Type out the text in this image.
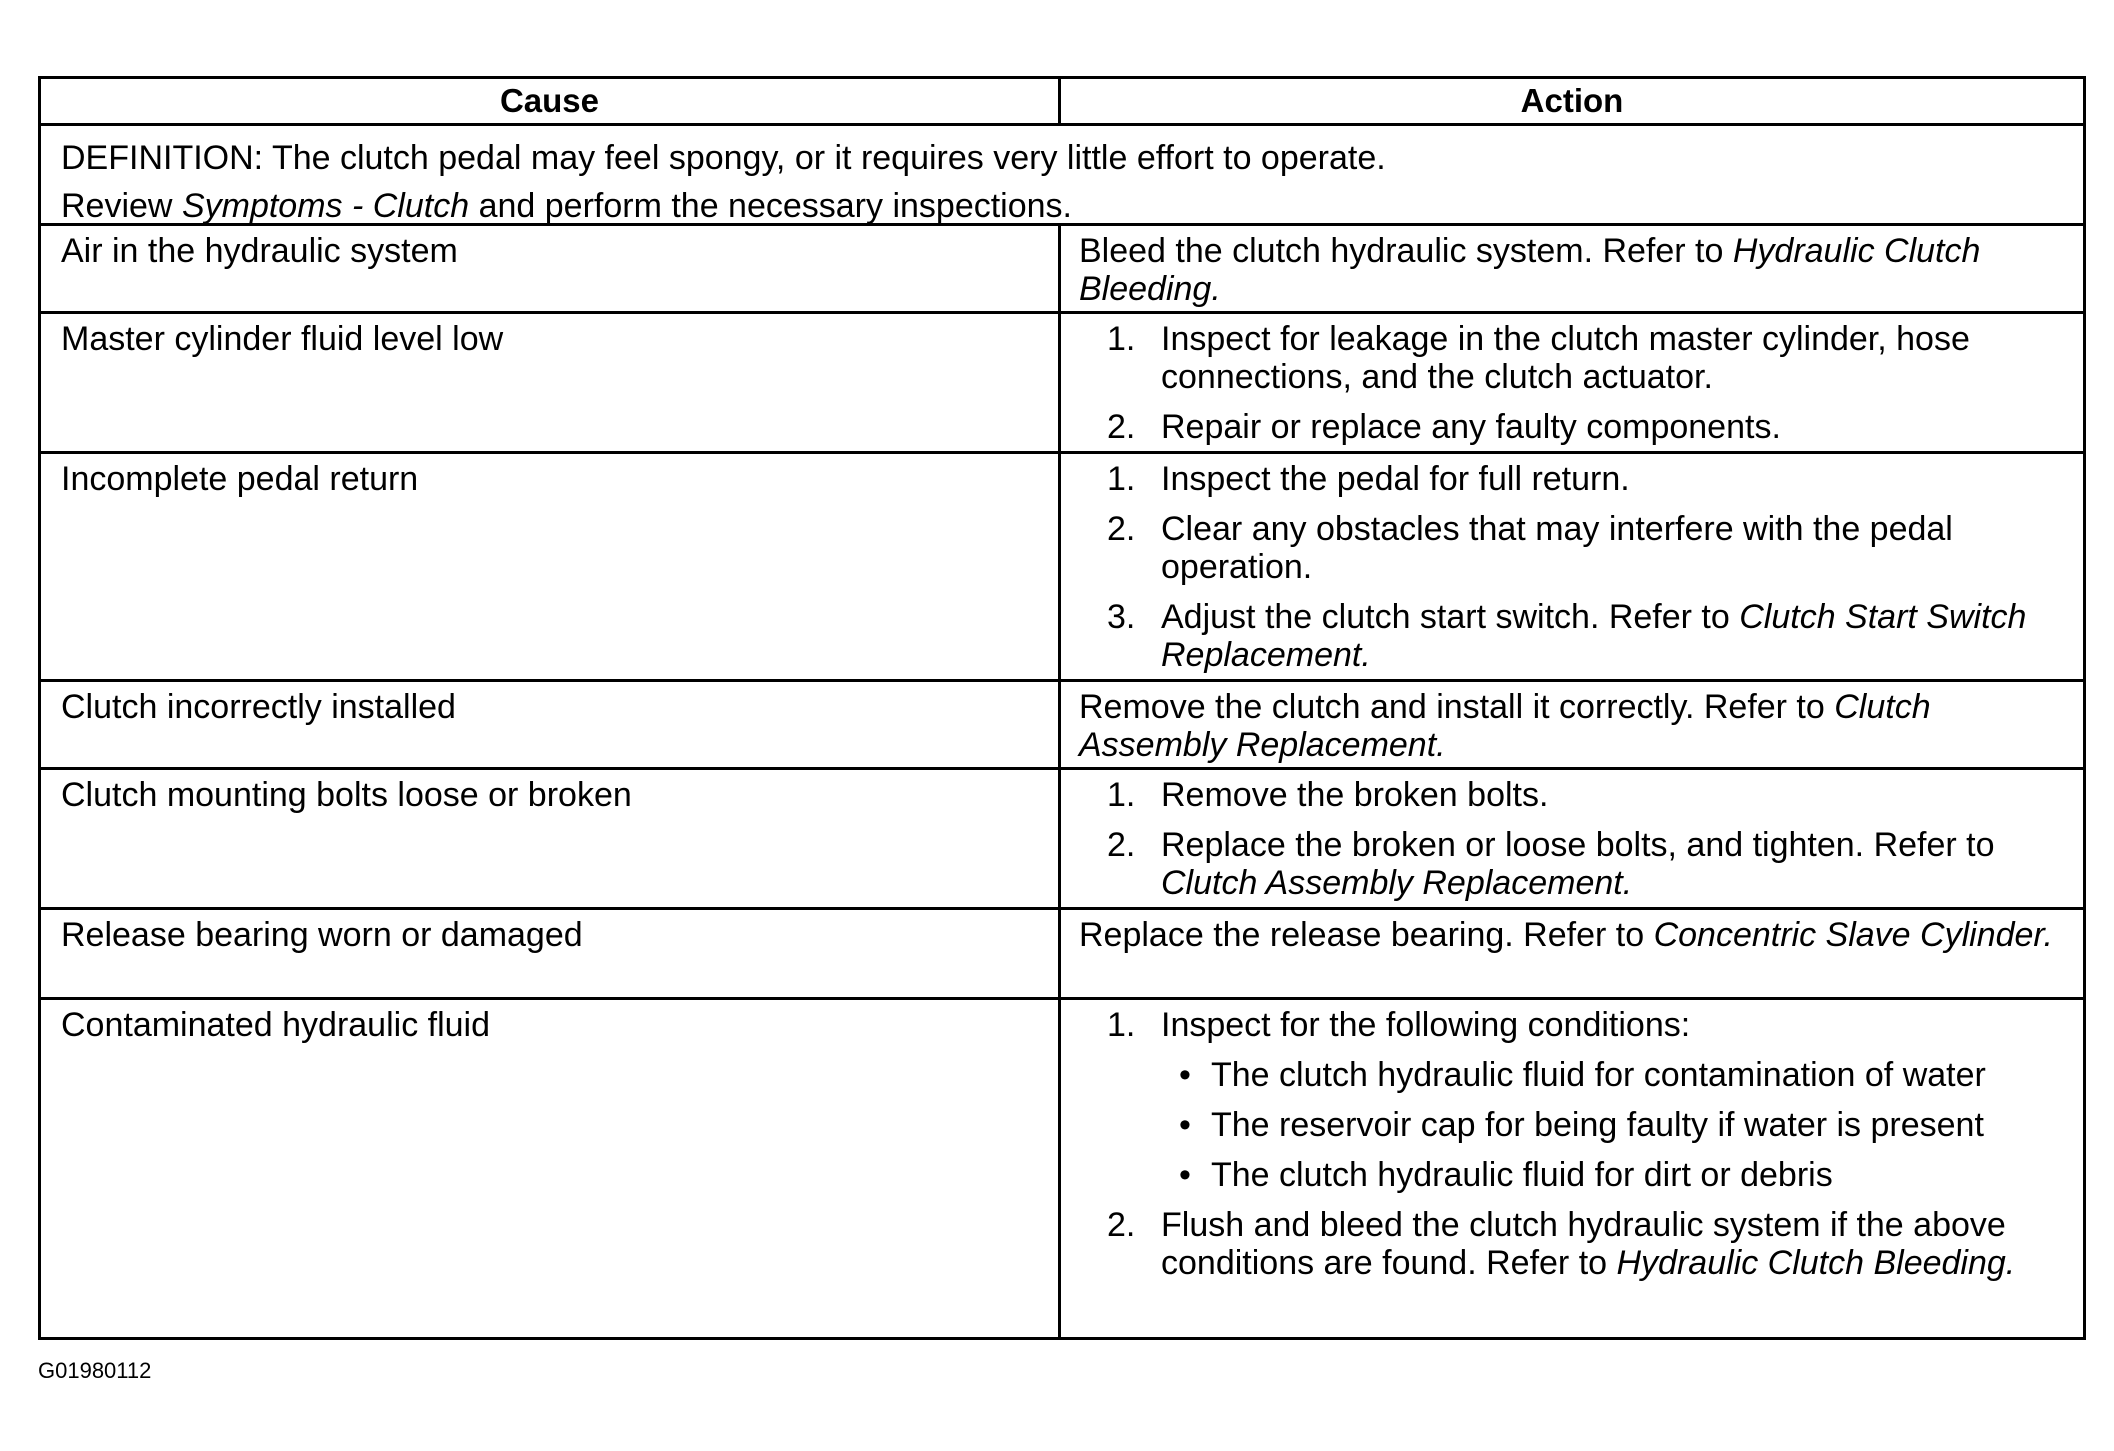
Cause	Action

DEFINITION: The clutch pedal may feel spongy, or it requires very little effort to operate.

Review Symptoms - Clutch and perform the necessary inspections.

Air in the hydraulic system	Bleed the clutch hydraulic system. Refer to Hydraulic Clutch Bleeding.

Master cylinder fluid level low	1. Inspect for leakage in the clutch master cylinder, hose connections, and the clutch actuator.
2. Repair or replace any faulty components.
Incomplete pedal return	1. Inspect the pedal for full return.
2. Clear any obstacles that may interfere with the pedal operation.
3. Adjust the clutch start switch. Refer to Clutch Start Switch Replacement.
Clutch incorrectly installed	Remove the clutch and install it correctly. Refer to Clutch Assembly Replacement.

Clutch mounting bolts loose or broken	1. Remove the broken bolts.
2. Replace the broken or loose bolts, and tighten. Refer to Clutch Assembly Replacement.
Release bearing worn or damaged	Replace the release bearing. Refer to Concentric Slave Cylinder.

Contaminated hydraulic fluid	1. Inspect for the following conditions:
• The clutch hydraulic fluid for contamination of water
• The reservoir cap for being faulty if water is present
• The clutch hydraulic fluid for dirt or debris
2. Flush and bleed the clutch hydraulic system if the above conditions are found. Refer to Hydraulic Clutch Bleeding.
G01980112
